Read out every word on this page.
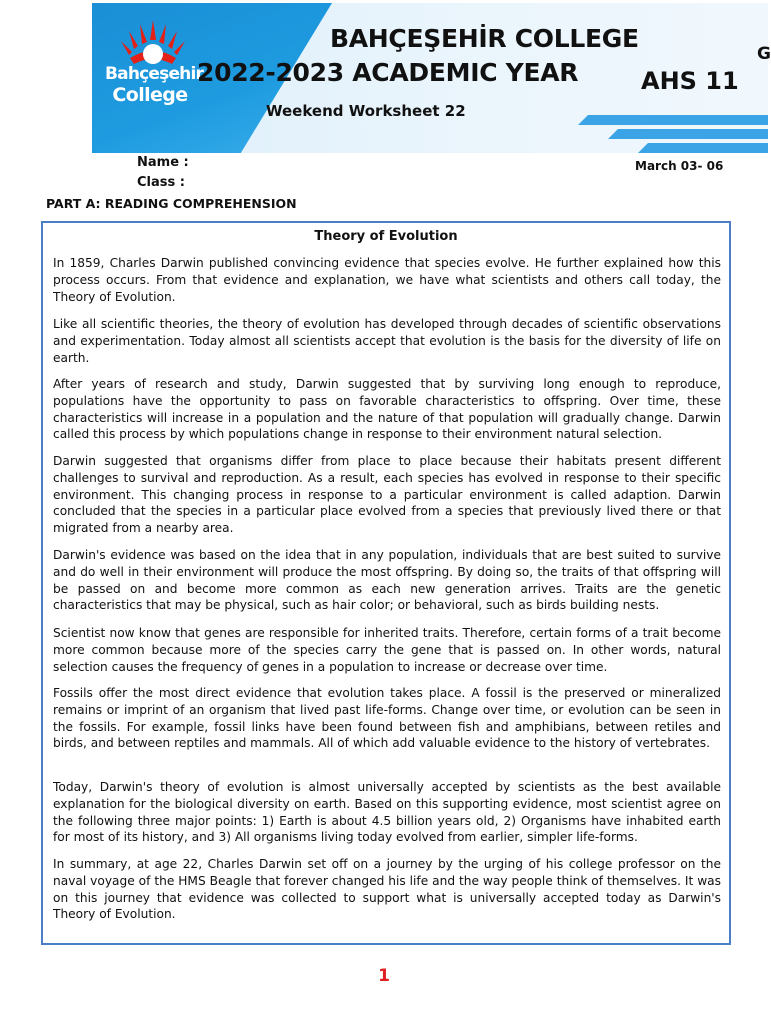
Bahçeşehir
College
BAHÇEŞEHİR COLLEGE
2022-2023 ACADEMIC YEAR	AHS 11
G
Weekend Worksheet 22
Name :
Class :
March 03- 06
PART A: READING COMPREHENSION
Theory of Evolution

In 1859, Charles Darwin published convincing evidence that species evolve. He further explained how this process occurs. From that evidence and explanation, we have what scientists and others call today, the Theory of Evolution.

Like all scientific theories, the theory of evolution has developed through decades of scientific observations and experimentation. Today almost all scientists accept that evolution is the basis for the diversity of life on earth.

After years of research and study, Darwin suggested that by surviving long enough to reproduce, populations have the opportunity to pass on favorable characteristics to offspring. Over time, these characteristics will increase in a population and the nature of that population will gradually change. Darwin called this process by which populations change in response to their environment natural selection.

Darwin suggested that organisms differ from place to place because their habitats present different challenges to survival and reproduction. As a result, each species has evolved in response to their specific environment. This changing process in response to a particular environment is called adaption. Darwin concluded that the species in a particular place evolved from a species that previously lived there or that migrated from a nearby area.

Darwin's evidence was based on the idea that in any population, individuals that are best suited to survive and do well in their environment will produce the most offspring. By doing so, the traits of that offspring will be passed on and become more common as each new generation arrives. Traits are the genetic characteristics that may be physical, such as hair color; or behavioral, such as birds building nests.

Scientist now know that genes are responsible for inherited traits. Therefore, certain forms of a trait become more common because more of the species carry the gene that is passed on. In other words, natural selection causes the frequency of genes in a population to increase or decrease over time.

Fossils offer the most direct evidence that evolution takes place. A fossil is the preserved or mineralized remains or imprint of an organism that lived past life-forms. Change over time, or evolution can be seen in the fossils. For example, fossil links have been found between fish and amphibians, between retiles and birds, and between reptiles and mammals. All of which add valuable evidence to the history of vertebrates.

Today, Darwin's theory of evolution is almost universally accepted by scientists as the best available explanation for the biological diversity on earth. Based on this supporting evidence, most scientist agree on the following three major points: 1) Earth is about 4.5 billion years old, 2) Organisms have inhabited earth for most of its history, and 3) All organisms living today evolved from earlier, simpler life-forms.

In summary, at age 22, Charles Darwin set off on a journey by the urging of his college professor on the naval voyage of the HMS Beagle that forever changed his life and the way people think of themselves. It was on this journey that evidence was collected to support what is universally accepted today as Darwin's Theory of Evolution.

1
